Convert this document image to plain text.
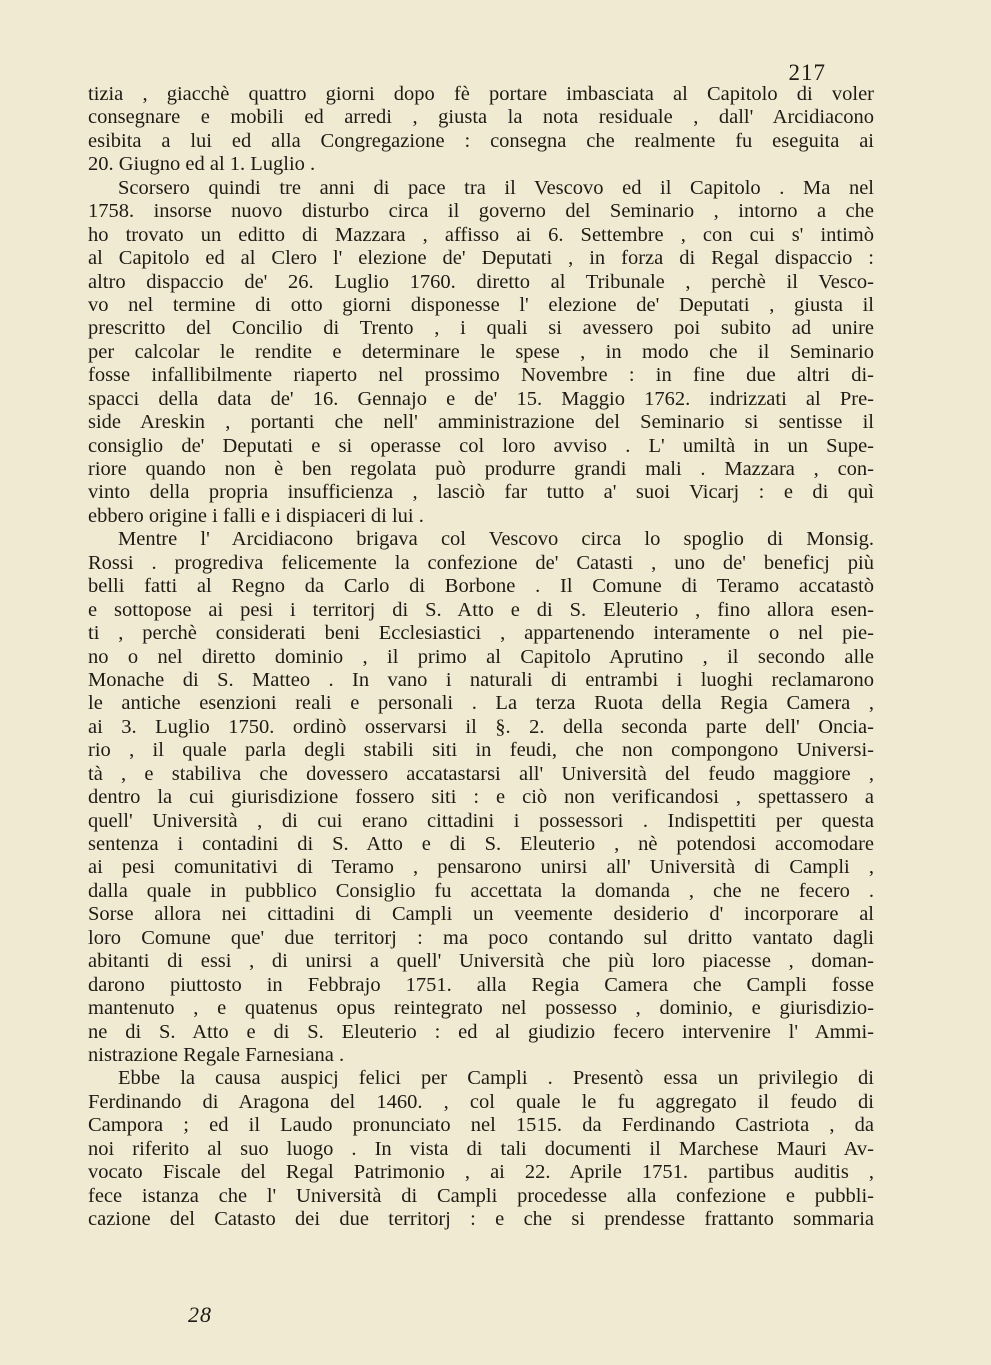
217
tizia , giacchè quattro giorni dopo fè portare imbasciata al Capitolo di voler
consegnare e mobili ed arredi , giusta la nota residuale , dall' Arcidiacono
esibita a lui ed alla Congregazione : consegna che realmente fu eseguita ai
20. Giugno ed al 1. Luglio .
Scorsero quindi tre anni di pace tra il Vescovo ed il Capitolo . Ma nel
1758. insorse nuovo disturbo circa il governo del Seminario , intorno a che
ho trovato un editto di Mazzara , affisso ai 6. Settembre , con cui s' intimò
al Capitolo ed al Clero l' elezione de' Deputati , in forza di Regal dispaccio :
altro dispaccio de' 26. Luglio 1760. diretto al Tribunale , perchè il Vesco-
vo nel termine di otto giorni disponesse l' elezione de' Deputati , giusta il
prescritto del Concilio di Trento , i quali si avessero poi subito ad unire
per calcolar le rendite e determinare le spese , in modo che il Seminario
fosse infallibilmente riaperto nel prossimo Novembre : in fine due altri di-
spacci della data de' 16. Gennajo e de' 15. Maggio 1762. indrizzati al Pre-
side Areskin , portanti che nell' amministrazione del Seminario si sentisse il
consiglio de' Deputati e si operasse col loro avviso . L' umiltà in un Supe-
riore quando non è ben regolata può produrre grandi mali . Mazzara , con-
vinto della propria insufficienza , lasciò far tutto a' suoi Vicarj : e di quì
ebbero origine i falli e i dispiaceri di lui .
Mentre l' Arcidiacono brigava col Vescovo circa lo spoglio di Monsig.
Rossi . progrediva felicemente la confezione de' Catasti , uno de' beneficj più
belli fatti al Regno da Carlo di Borbone . Il Comune di Teramo accatastò
e sottopose ai pesi i territorj di S. Atto e di S. Eleuterio , fino allora esen-
ti , perchè considerati beni Ecclesiastici , appartenendo interamente o nel pie-
no o nel diretto dominio , il primo al Capitolo Aprutino , il secondo alle
Monache di S. Matteo . In vano i naturali di entrambi i luoghi reclamarono
le antiche esenzioni reali e personali . La terza Ruota della Regia Camera ,
ai 3. Luglio 1750. ordinò osservarsi il §. 2. della seconda parte dell' Oncia-
rio , il quale parla degli stabili siti in feudi, che non compongono Universi-
tà , e stabiliva che dovessero accatastarsi all' Università del feudo maggiore ,
dentro la cui giurisdizione fossero siti : e ciò non verificandosi , spettassero a
quell' Università , di cui erano cittadini i possessori . Indispettiti per questa
sentenza i contadini di S. Atto e di S. Eleuterio , nè potendosi accomodare
ai pesi comunitativi di Teramo , pensarono unirsi all' Università di Campli ,
dalla quale in pubblico Consiglio fu accettata la domanda , che ne fecero .
Sorse allora nei cittadini di Campli un veemente desiderio d' incorporare al
loro Comune que' due territorj : ma poco contando sul dritto vantato dagli
abitanti di essi , di unirsi a quell' Università che più loro piacesse , doman-
darono piuttosto in Febbrajo 1751. alla Regia Camera che Campli fosse
mantenuto , e quatenus opus reintegrato nel possesso , dominio, e giurisdizio-
ne di S. Atto e di S. Eleuterio : ed al giudizio fecero intervenire l' Ammi-
nistrazione Regale Farnesiana .
Ebbe la causa auspicj felici per Campli . Presentò essa un privilegio di
Ferdinando di Aragona del 1460. , col quale le fu aggregato il feudo di
Campora ; ed il Laudo pronunciato nel 1515. da Ferdinando Castriota , da
noi riferito al suo luogo . In vista di tali documenti il Marchese Mauri Av-
vocato Fiscale del Regal Patrimonio , ai 22. Aprile 1751. partibus auditis ,
fece istanza che l' Università di Campli procedesse alla confezione e pubbli-
cazione del Catasto dei due territorj : e che si prendesse frattanto sommaria
28
